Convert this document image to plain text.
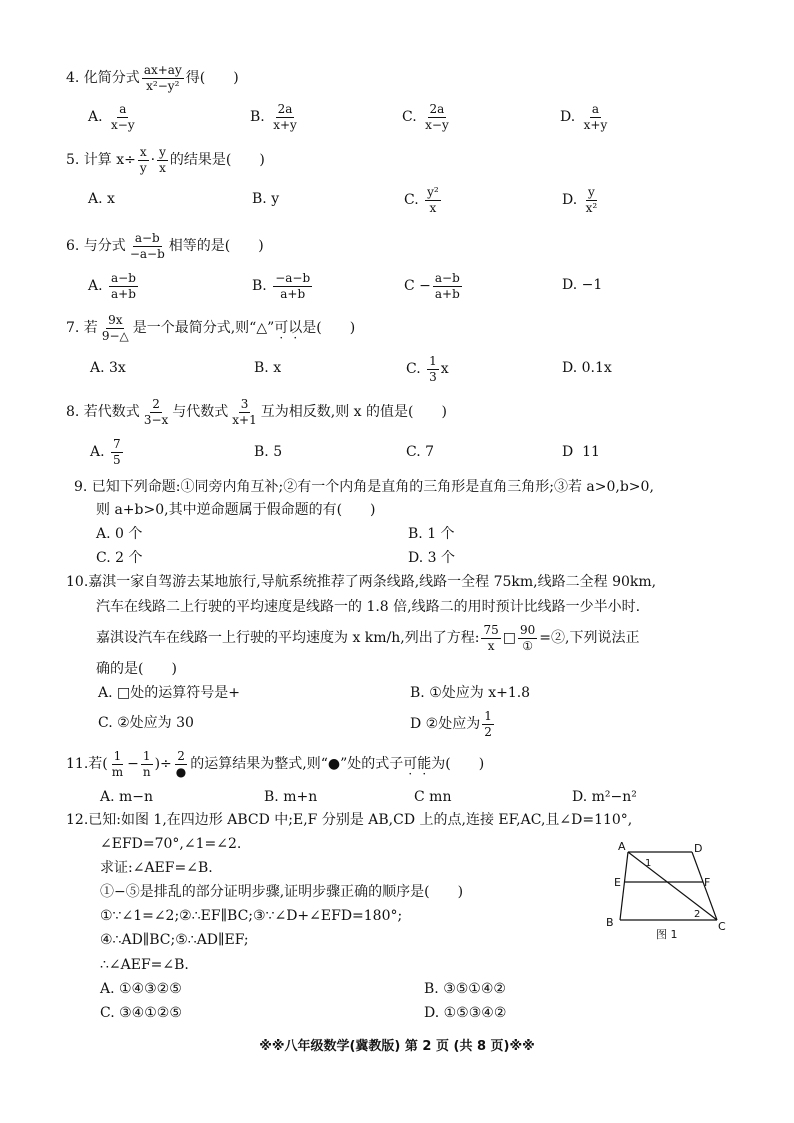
4. 化简分式 $\frac{ax+ay}{\text{x²−y²}}$ 得(　　)
A. $\frac{a}{x-y}$	B. $\frac{2a}{x+y}$	C. $\frac{2a}{x-y}$	D. $\frac{a}{x+y}$
5. 计算 $x\div \frac{x}{y} \cdot \frac{y}{x}$ 的结果是(　　)
A. x	B. y	C. $\frac{\text{y²}}{x}$	D. $\frac{y}{\text{x²}}$
6. 与分式 $\frac{a-b}{-a-b}$ 相等的是(　　)
A. $\frac{a-b}{a+b}$	B. $\frac{-a-b}{a+b}$	$C - \frac{a-b}{a+b}$	D. −1
7. 若 $\frac{9x}{9-\triangle}$ 是一个最简分式,则“△”可以是(　　)
A. 3x	B. x	C. $\frac{1}{3}$ x	D. 0.1x
8. 若代数式 $\frac{2}{3-x}$ 与代数式 $\frac{3}{x+1}$ 互为相反数,则 x 的值是(　　)
A. $\frac{7}{5}$	B. 5	C. 7	D 11
9. 已知下列命题:①同旁内角互补;②有一个内角是直角的三角形是直角三角形;③若 a>0,b>0,
则 a+b>0,其中逆命题属于假命题的有(　　)
A. 0 个	B. 1 个
C. 2 个	D. 3 个
10.嘉淇一家自驾游去某地旅行,导航系统推荐了两条线路,线路一全程 75km,线路二全程 90km,
汽车在线路二上行驶的平均速度是线路一的 1.8 倍,线路二的用时预计比线路一少半小时.
嘉淇设汽车在线路一上行驶的平均速度为 x km/h,列出了方程: $\frac{75}{x}$ □ $\frac{90}{\text{①}}$ =②,下列说法正
确的是(　　)
A. □处的运算符号是+	B. ①处应为 x+1.8
C. ②处应为 30	D ②处应为 $\frac{1}{2}$
11.若( $\frac{1}{m} - \frac{1}{n}$ )÷ $\frac{2}{●}$ 的运算结果为整式,则“●”处的式子可能为(　　)
A. m−n	B. m+n	C mn	D. m²−n²
12.已知:如图 1,在四边形 ABCD 中;E,F 分别是 AB,CD 上的点,连接 EF,AC,且∠D=110°,
∠EFD=70°,∠1=∠2.
求证:∠AEF=∠B.
①−⑤是排乱的部分证明步骤,证明步骤正确的顺序是(　　)
①∵∠1=∠2;②∴EF∥BC;③∵∠D+∠EFD=180°;
④∴AD∥BC;⑤∴AD∥EF;
∴∠AEF=∠B.
A. ①④③②⑤	B. ③⑤①④②
C. ③④①②⑤	D. ①⑤③④②
A	D
E	F
B	C
1
2
图 1
※※八年级数学(冀教版) 第 2 页 (共 8 页)※※
